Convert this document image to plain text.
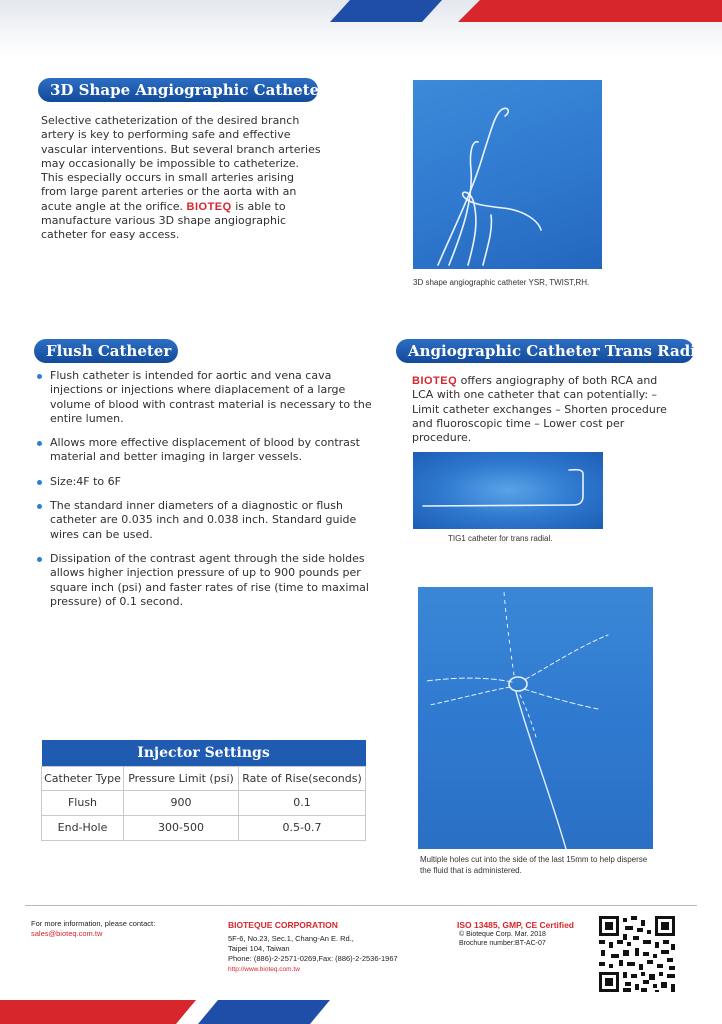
3D Shape Angiographic Catheter

Selective catheterization of the desired branch artery is key to performing safe and effective vascular interventions. But several branch arteries may occasionally be impossible to catheterize. This especially occurs in small arteries arising from large parent arteries or the aorta with an acute angle at the orifice. BIOTEQ is able to manufacture various 3D shape angiographic catheter for easy access.

3D shape angiographic catheter YSR, TWIST,RH.
Flush Catheter
Flush catheter is intended for aortic and vena cava injections or injections where diaplacement of a large volume of blood with contrast material is necessary to the entire lumen.
Allows more effective displacement of blood by contrast material and better imaging in larger vessels.
Size:4F to 6F
The standard inner diameters of a diagnostic or flush catheter are 0.035 inch and 0.038 inch. Standard guide wires can be used.
Dissipation of the contrast agent through the side holdes allows higher injection pressure of up to 900 pounds per square inch (psi) and faster rates of rise (time to maximal pressure) of 0.1 second.
Angiographic Catheter Trans Radial

BIOTEQ offers angiography of both RCA and LCA with one catheter that can potentially: – Limit catheter exchanges – Shorten procedure and fluoroscopic time – Lower cost per procedure.

TIG1 catheter for trans radial.
Multiple holes cut into the side of the last 15mm to help disperse the fluid that is administered.
Injector Settings		
Catheter Type	Pressure Limit (psi)	Rate of Rise(seconds)
Flush	900	0.1
End-Hole	300-500	0.5-0.7
For more information, please contact:
sales@bioteq.com.tw
BIOTEQUE CORPORATION
5F-6, No.23, Sec.1, Chang-An E. Rd.,
Taipei 104, Taiwan
Phone: (886)-2-2571-0269,Fax: (886)-2-2536-1967
http://www.bioteq.com.tw
ISO 13485, GMP, CE Certified
© Bioteque Corp. Mar. 2018
Brochure number:BT-AC-07
